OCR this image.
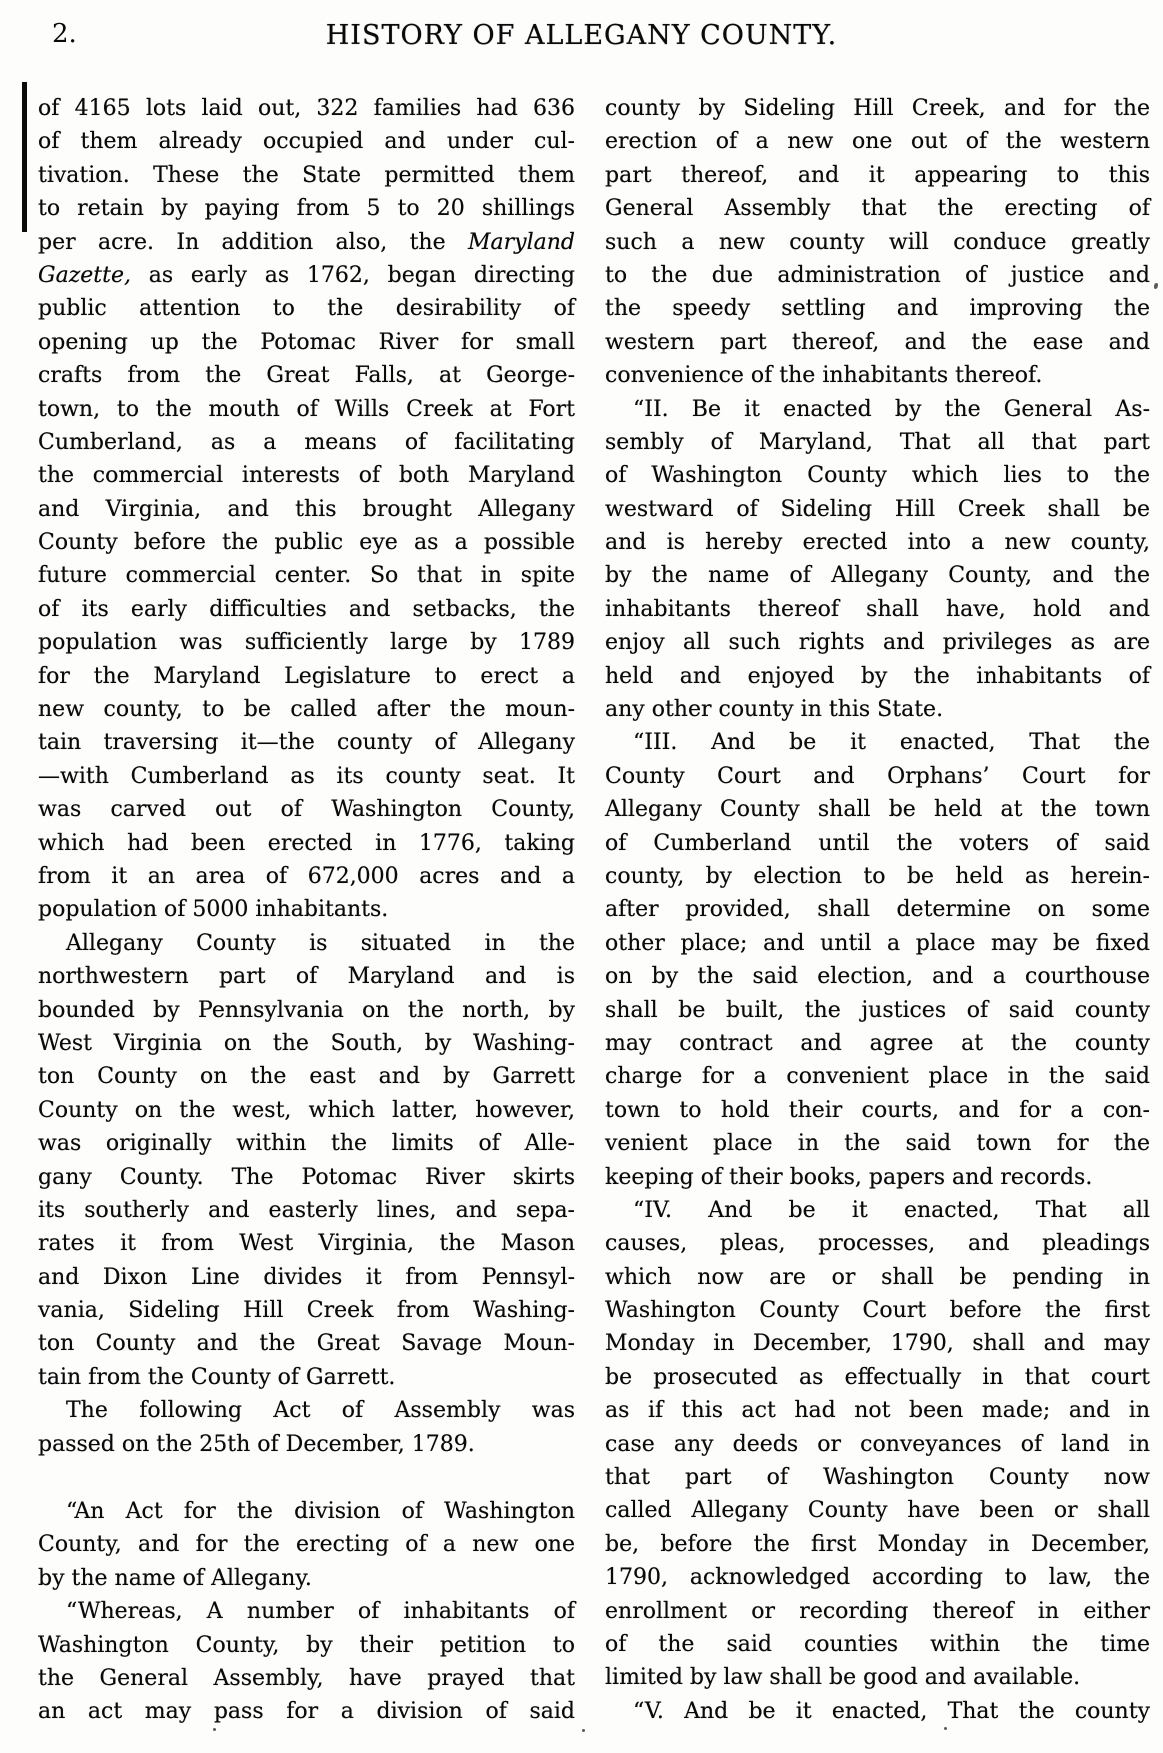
2.	HISTORY OF ALLEGANY COUNTY.
of 4165 lots laid out, 322 families had 636
of them already occupied and under cul-
tivation. These the State permitted them
to retain by paying from 5 to 20 shillings
per acre. In addition also, the Maryland
Gazette, as early as 1762, began directing
public attention to the desirability of
opening up the Potomac River for small
crafts from the Great Falls, at George-
town, to the mouth of Wills Creek at Fort
Cumberland, as a means of facilitating
the commercial interests of both Maryland
and Virginia, and this brought Allegany
County before the public eye as a possible
future commercial center. So that in spite
of its early difficulties and setbacks, the
population was sufficiently large by 1789
for the Maryland Legislature to erect a
new county, to be called after the moun-
tain traversing it—the county of Allegany
—with Cumberland as its county seat. It
was carved out of Washington County,
which had been erected in 1776, taking
from it an area of 672,000 acres and a
population of 5000 inhabitants.
Allegany County is situated in the
northwestern part of Maryland and is
bounded by Pennsylvania on the north, by
West Virginia on the South, by Washing-
ton County on the east and by Garrett
County on the west, which latter, however,
was originally within the limits of Alle-
gany County. The Potomac River skirts
its southerly and easterly lines, and sepa-
rates it from West Virginia, the Mason
and Dixon Line divides it from Pennsyl-
vania, Sideling Hill Creek from Washing-
ton County and the Great Savage Moun-
tain from the County of Garrett.
The following Act of Assembly was
passed on the 25th of December, 1789.
“An Act for the division of Washington
County, and for the erecting of a new one
by the name of Allegany.
“Whereas, A number of inhabitants of
Washington County, by their petition to
the General Assembly, have prayed that
an act may pass for a division of said
county by Sideling Hill Creek, and for the
erection of a new one out of the western
part thereof, and it appearing to this
General Assembly that the erecting of
such a new county will conduce greatly
to the due administration of justice and
the speedy settling and improving the
western part thereof, and the ease and
convenience of the inhabitants thereof.
“II. Be it enacted by the General As-
sembly of Maryland, That all that part
of Washington County which lies to the
westward of Sideling Hill Creek shall be
and is hereby erected into a new county,
by the name of Allegany County, and the
inhabitants thereof shall have, hold and
enjoy all such rights and privileges as are
held and enjoyed by the inhabitants of
any other county in this State.
“III. And be it enacted, That the
County Court and Orphans’ Court for
Allegany County shall be held at the town
of Cumberland until the voters of said
county, by election to be held as herein-
after provided, shall determine on some
other place; and until a place may be fixed
on by the said election, and a courthouse
shall be built, the justices of said county
may contract and agree at the county
charge for a convenient place in the said
town to hold their courts, and for a con-
venient place in the said town for the
keeping of their books, papers and records.
“IV. And be it enacted, That all
causes, pleas, processes, and pleadings
which now are or shall be pending in
Washington County Court before the first
Monday in December, 1790, shall and may
be prosecuted as effectually in that court
as if this act had not been made; and in
case any deeds or conveyances of land in
that part of Washington County now
called Allegany County have been or shall
be, before the first Monday in December,
1790, acknowledged according to law, the
enrollment or recording thereof in either
of the said counties within the time
limited by law shall be good and available.
“V. And be it enacted, That the county
